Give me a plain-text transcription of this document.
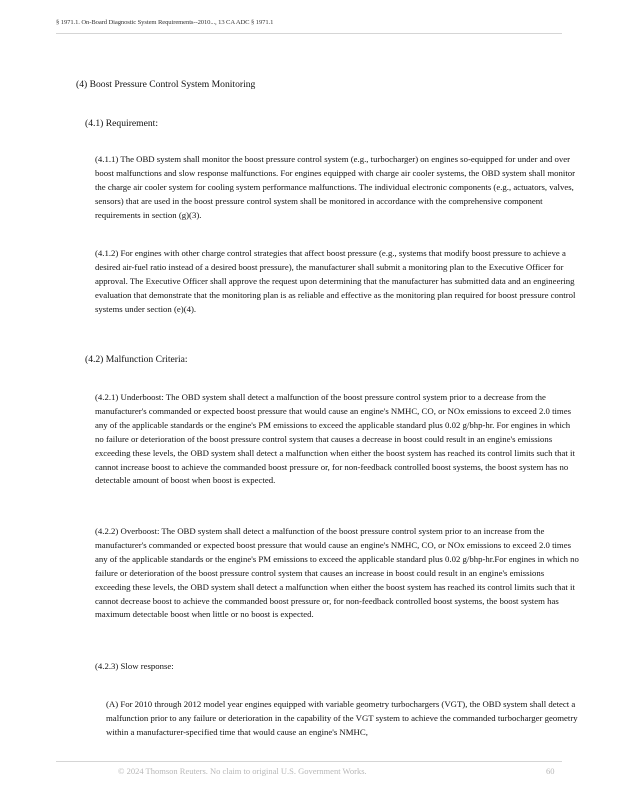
§ 1971.1. On-Board Diagnostic System Requirements--2010..., 13 CA ADC § 1971.1
(4) Boost Pressure Control System Monitoring
(4.1) Requirement:
(4.1.1) The OBD system shall monitor the boost pressure control system (e.g., turbocharger) on engines so-equipped for under and over boost malfunctions and slow response malfunctions. For engines equipped with charge air cooler systems, the OBD system shall monitor the charge air cooler system for cooling system performance malfunctions. The individual electronic components (e.g., actuators, valves, sensors) that are used in the boost pressure control system shall be monitored in accordance with the comprehensive component requirements in section (g)(3).
(4.1.2) For engines with other charge control strategies that affect boost pressure (e.g., systems that modify boost pressure to achieve a desired air-fuel ratio instead of a desired boost pressure), the manufacturer shall submit a monitoring plan to the Executive Officer for approval. The Executive Officer shall approve the request upon determining that the manufacturer has submitted data and an engineering evaluation that demonstrate that the monitoring plan is as reliable and effective as the monitoring plan required for boost pressure control systems under section (e)(4).
(4.2) Malfunction Criteria:
(4.2.1) Underboost: The OBD system shall detect a malfunction of the boost pressure control system prior to a decrease from the manufacturer's commanded or expected boost pressure that would cause an engine's NMHC, CO, or NOx emissions to exceed 2.0 times any of the applicable standards or the engine's PM emissions to exceed the applicable standard plus 0.02 g/bhp-hr. For engines in which no failure or deterioration of the boost pressure control system that causes a decrease in boost could result in an engine's emissions exceeding these levels, the OBD system shall detect a malfunction when either the boost system has reached its control limits such that it cannot increase boost to achieve the commanded boost pressure or, for non-feedback controlled boost systems, the boost system has no detectable amount of boost when boost is expected.
(4.2.2) Overboost: The OBD system shall detect a malfunction of the boost pressure control system prior to an increase from the manufacturer's commanded or expected boost pressure that would cause an engine's NMHC, CO, or NOx emissions to exceed 2.0 times any of the applicable standards or the engine's PM emissions to exceed the applicable standard plus 0.02 g/bhp-hr.For engines in which no failure or deterioration of the boost pressure control system that causes an increase in boost could result in an engine's emissions exceeding these levels, the OBD system shall detect a malfunction when either the boost system has reached its control limits such that it cannot decrease boost to achieve the commanded boost pressure or, for non-feedback controlled boost systems, the boost system has maximum detectable boost when little or no boost is expected.
(4.2.3) Slow response:
(A) For 2010 through 2012 model year engines equipped with variable geometry turbochargers (VGT), the OBD system shall detect a malfunction prior to any failure or deterioration in the capability of the VGT system to achieve the commanded turbocharger geometry within a manufacturer-specified time that would cause an engine's NMHC,
© 2024 Thomson Reuters. No claim to original U.S. Government Works.	60
